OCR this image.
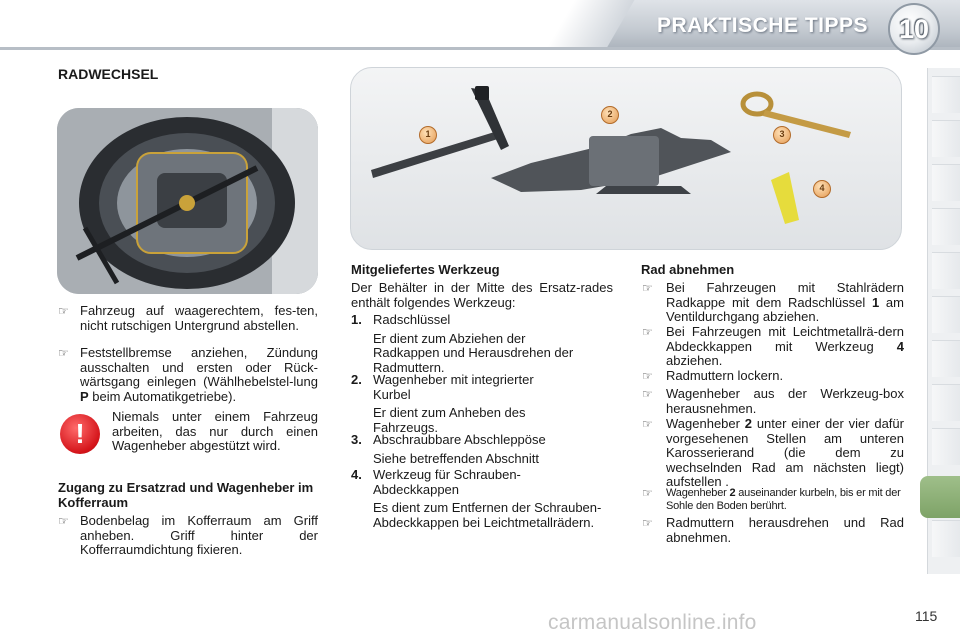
PRAKTISCHE TIPPS	10
RADWECHSEL
1
2
3
4
☞ Fahrzeug auf waagerechtem, fes-ten, nicht rutschigen Untergrund abstellen.
☞ Feststellbremse anziehen, Zündung ausschalten und ersten oder Rück-wärtsgang einlegen (Wählhebelstel-lung P beim Automatikgetriebe).
!
Niemals unter einem Fahrzeug arbeiten, das nur durch einen Wagenheber abgestützt wird.
Zugang zu Ersatzrad und Wagenheber im Kofferraum
☞ Bodenbelag im Kofferraum am Griff anheben. Griff hinter der Kofferraumdichtung fixieren.
Mitgeliefertes Werkzeug
Der Behälter in der Mitte des Ersatz-rades enthält folgendes Werkzeug:
1. Radschlüssel
Er dient zum Abziehen der Radkappen und Herausdrehen der Radmuttern.
2. Wagenheber mit integrierter Kurbel
Er dient zum Anheben des Fahrzeugs.
3. Abschraubbare Abschleppöse
Siehe betreffenden Abschnitt
4. Werkzeug für Schrauben-Abdeckkappen
Es dient zum Entfernen der Schrauben-Abdeckkappen bei Leichtmetallrädern.
Rad abnehmen
☞ Bei Fahrzeugen mit Stahlrädern Radkappe mit dem Radschlüssel 1 am Ventildurchgang abziehen.
☞ Bei Fahrzeugen mit Leichtmetallrä-dern Abdeckkappen mit Werkzeug 4 abziehen.
☞ Radmuttern lockern.
☞ Wagenheber aus der Werkzeug-box herausnehmen.
☞ Wagenheber 2 unter einer der vier dafür vorgesehenen Stellen am unteren Karosserierand (die dem zu wechselnden Rad am nächsten liegt) aufstellen .
☞	Wagenheber 2 auseinander kurbeln, bis er mit der Sohle den Boden berührt.
☞ Radmuttern herausdrehen und Rad abnehmen.
carmanualsonline.info	115
